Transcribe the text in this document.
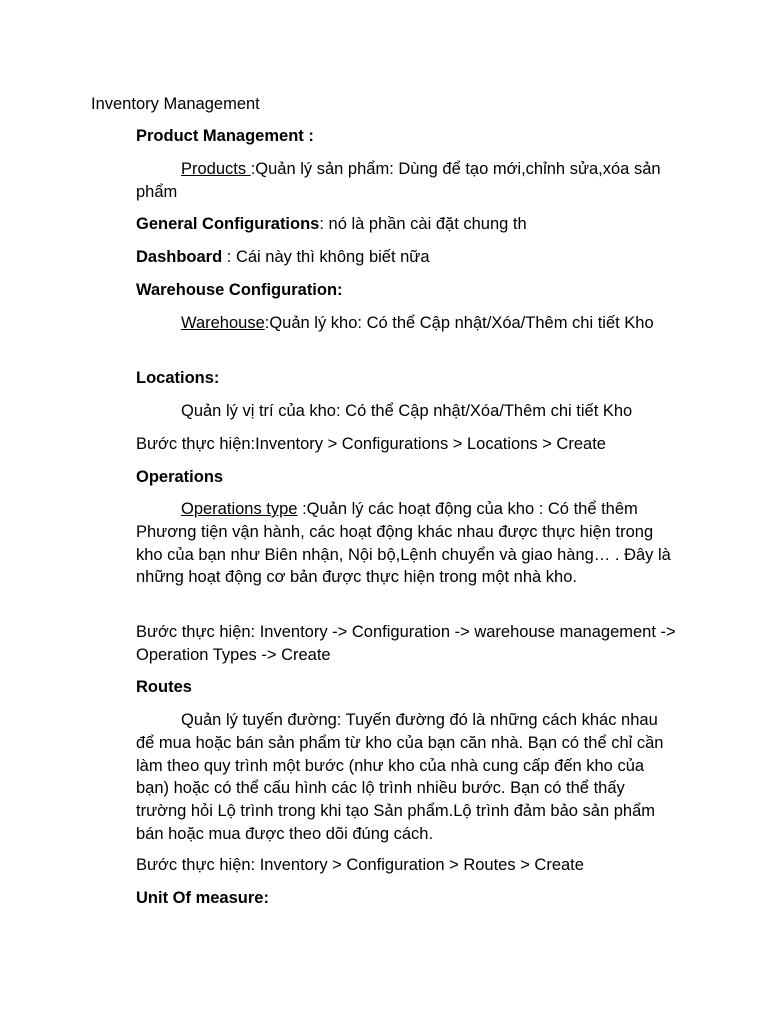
Inventory Management

Product Management :

Products :Quản lý sản phẩm: Dùng để tạo mới,chỉnh sửa,xóa sản phẩm

General Configurations: nó là phần cài đặt chung th

Dashboard : Cái này thì không biết nữa

Warehouse Configuration:

Warehouse:Quản lý kho: Có thể Cập nhật/Xóa/Thêm chi tiết Kho

Locations:

Quản lý vị trí của kho: Có thể Cập nhật/Xóa/Thêm chi tiết Kho

Bước thực hiện:Inventory > Configurations > Locations > Create

Operations

Operations type :Quản lý các hoạt động của kho : Có thể thêm Phương tiện vận hành, các hoạt động khác nhau được thực hiện trong kho của bạn như Biên nhận, Nội bộ,Lệnh chuyển và giao hàng… . Đây là những hoạt động cơ bản được thực hiện trong một nhà kho.

Bước thực hiện: Inventory -> Configuration -> warehouse management -> Operation Types -> Create

Routes

Quản lý tuyến đường: Tuyến đường đó là những cách khác nhau để mua hoặc bán sản phẩm từ kho của bạn căn nhà. Bạn có thể chỉ cần làm theo quy trình một bước (như kho của nhà cung cấp đến kho của bạn) hoặc có thể cấu hình các lộ trình nhiều bước. Bạn có thể thấy trường hỏi Lộ trình trong khi tạo Sản phẩm.Lộ trình đảm bảo sản phẩm bán hoặc mua được theo dõi đúng cách.

Bước thực hiện: Inventory > Configuration > Routes > Create

Unit Of measure:
